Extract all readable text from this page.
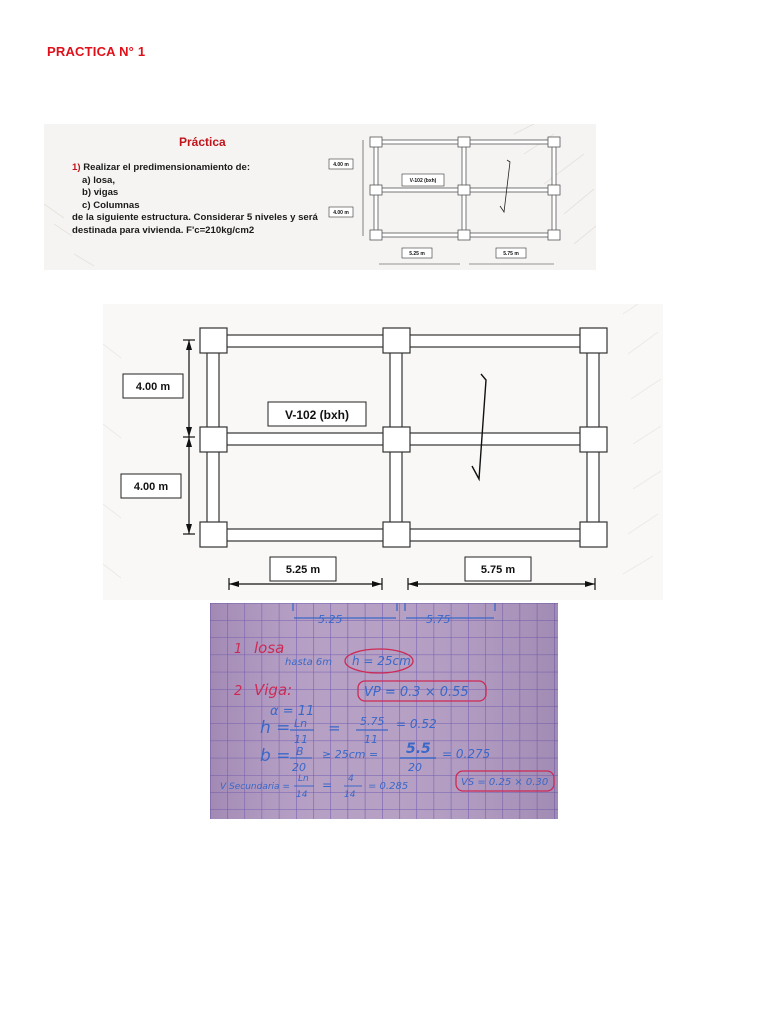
PRACTICA N° 1
Práctica
1) Realizar el predimensionamiento de:
a) losa,
b) vigas
c) Columnas
de la siguiente estructura. Considerar 5 niveles y será
destinada para vivienda. F'c=210kg/cm2
V-102 (bxh)
4.00 m
4.00 m
5.25 m	5.75 m
V-102 (bxh)
4.00 m
4.00 m
5.25 m	5.75 m
5.25	5.75
1 losa
hasta 6m h = 25cm
2 Viga:	VP = 0.3 × 0.55
α = 11
h = Ln
11
= 5.75
11
= 0.52
b = B
20
≥ 25cm = 5.5
20
= 0.275
V Secundaria =
Ln
14
= 4
14
= 0.285	VS = 0.25 × 0.30
